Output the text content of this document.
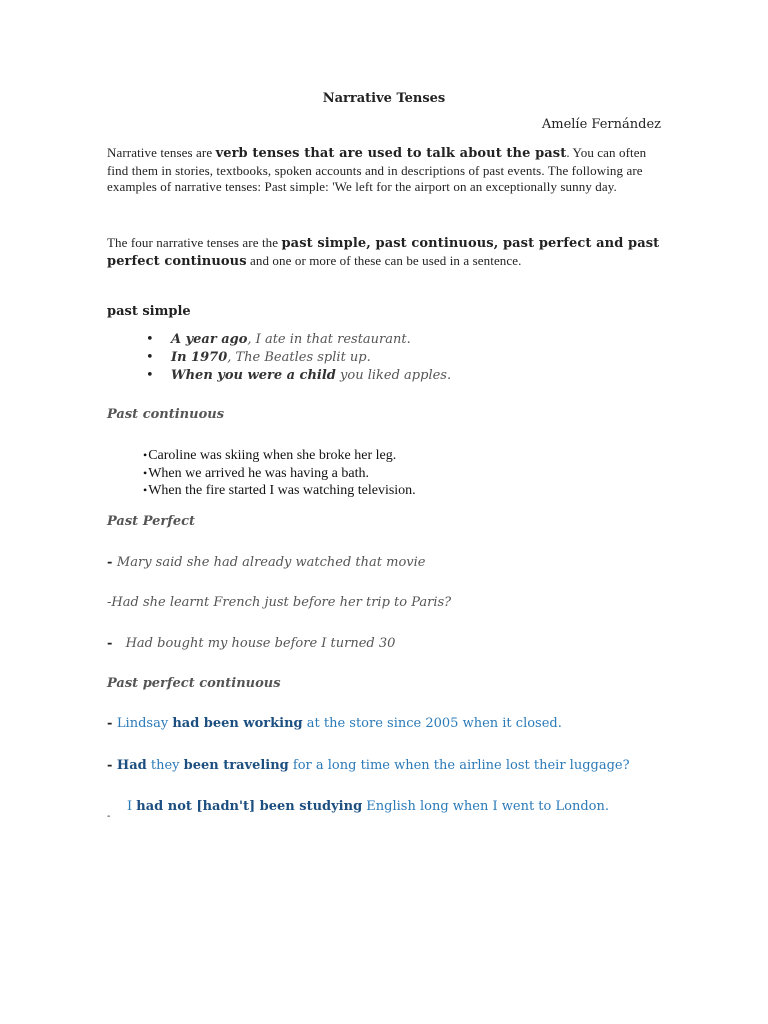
Narrative Tenses
Amelíe Fernández
Narrative tenses are verb tenses that are used to talk about the past. You can often find them in stories, textbooks, spoken accounts and in descriptions of past events. The following are examples of narrative tenses: Past simple: 'We left for the airport on an exceptionally sunny day.
The four narrative tenses are the past simple, past continuous, past perfect and past perfect continuous and one or more of these can be used in a sentence.
past simple
• A year ago, I ate in that restaurant.
• In 1970, The Beatles split up.
• When you were a child you liked apples.
Past continuous
• Caroline was skiing when she broke her leg.
• When we arrived he was having a bath.
• When the fire started I was watching television.
Past Perfect
- Mary said she had already watched that movie
-Had she learnt French just before her trip to Paris?
-   Had bought my house before I turned 30
Past perfect continuous
- Lindsay had been working at the store since 2005 when it closed.
- Had they been traveling for a long time when the airline lost their luggage?
-
I had not [hadn't] been studying English long when I went to London.
